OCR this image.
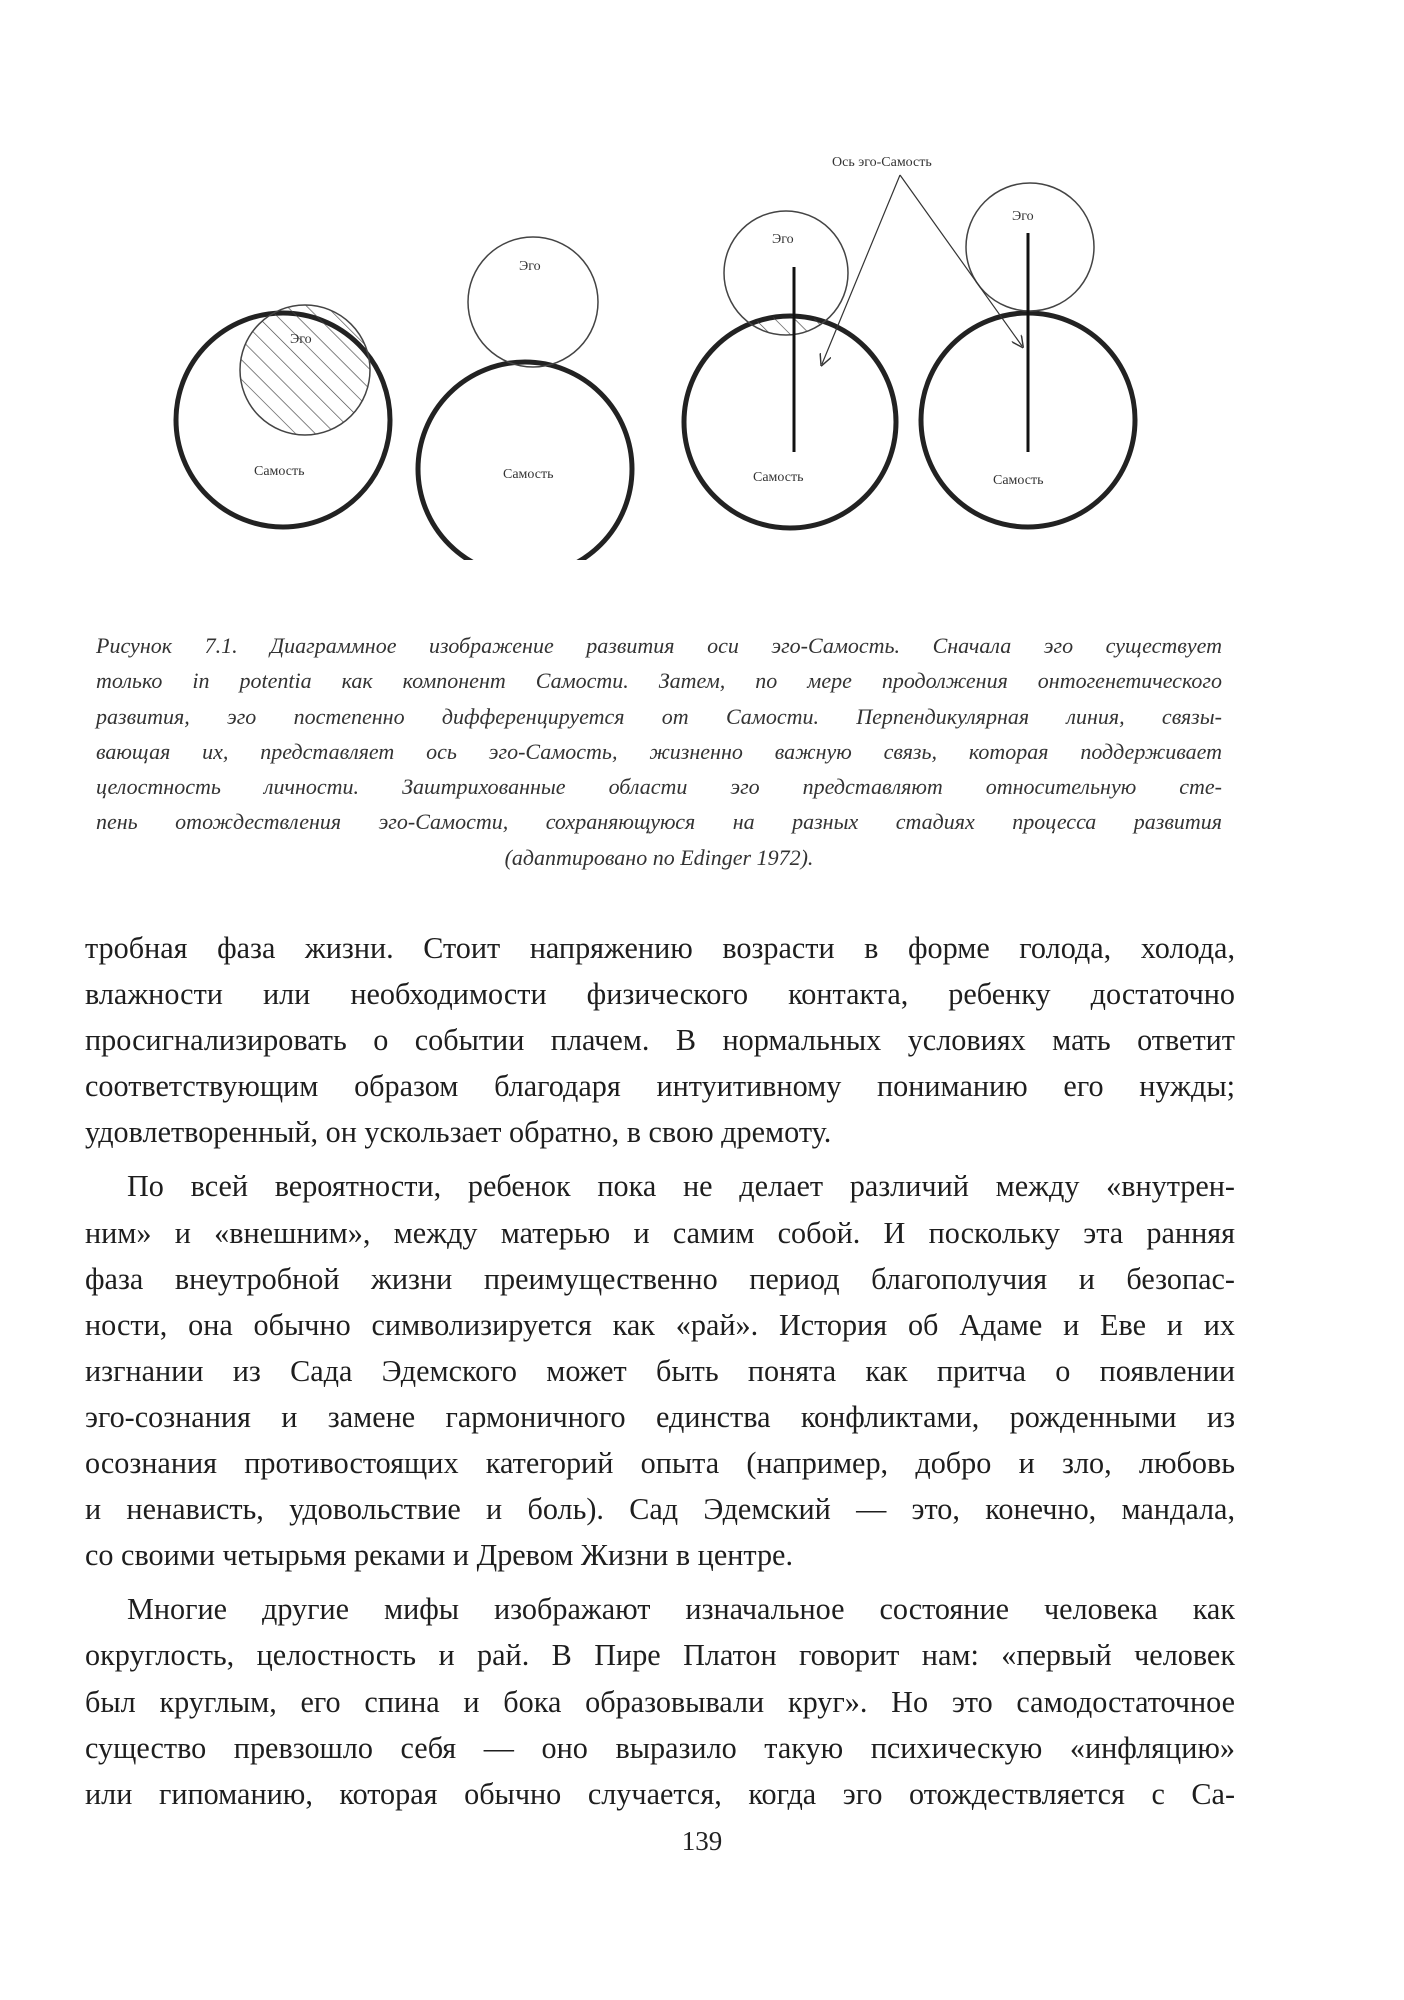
Эго
Самость
Эго
Самость
Эго
Самость
Эго
Самость
Ось эго-Самость
Рисунок 7.1. Диаграммное изображение развития оси эго-Самость. Сначала эго существует
только in potentia как компонент Самости. Затем, по мере продолжения онтогенетического
развития, эго постепенно дифференцируется от Самости. Перпендикулярная линия, связы-
вающая их, представляет ось эго-Самость, жизненно важную связь, которая поддерживает
целостность личности. Заштрихованные области эго представляют относительную сте-
пень отождествления эго-Самости, сохраняющуюся на разных стадиях процесса развития
(адаптировано по Edinger 1972).
тробная фаза жизни. Стоит напряжению возрасти в форме голода, холода,
влажности или необходимости физического контакта, ребенку достаточно
просигнализировать о событии плачем. В нормальных условиях мать ответит
соответствующим образом благодаря интуитивному пониманию его нужды;
удовлетворенный, он ускользает обратно, в свою дремоту.
По всей вероятности, ребенок пока не делает различий между «внутрен-
ним» и «внешним», между матерью и самим собой. И поскольку эта ранняя
фаза внеутробной жизни преимущественно период благополучия и безопас-
ности, она обычно символизируется как «рай». История об Адаме и Еве и их
изгнании из Сада Эдемского может быть понята как притча о появлении
эго-сознания и замене гармоничного единства конфликтами, рожденными из
осознания противостоящих категорий опыта (например, добро и зло, любовь
и ненависть, удовольствие и боль). Сад Эдемский — это, конечно, мандала,
со своими четырьмя реками и Древом Жизни в центре.
Многие другие мифы изображают изначальное состояние человека как
округлость, целостность и рай. В Пире Платон говорит нам: «первый человек
был круглым, его спина и бока образовывали круг». Но это самодостаточное
существо превзошло себя — оно выразило такую психическую «инфляцию»
или гипоманию, которая обычно случается, когда эго отождествляется с Са-
139
